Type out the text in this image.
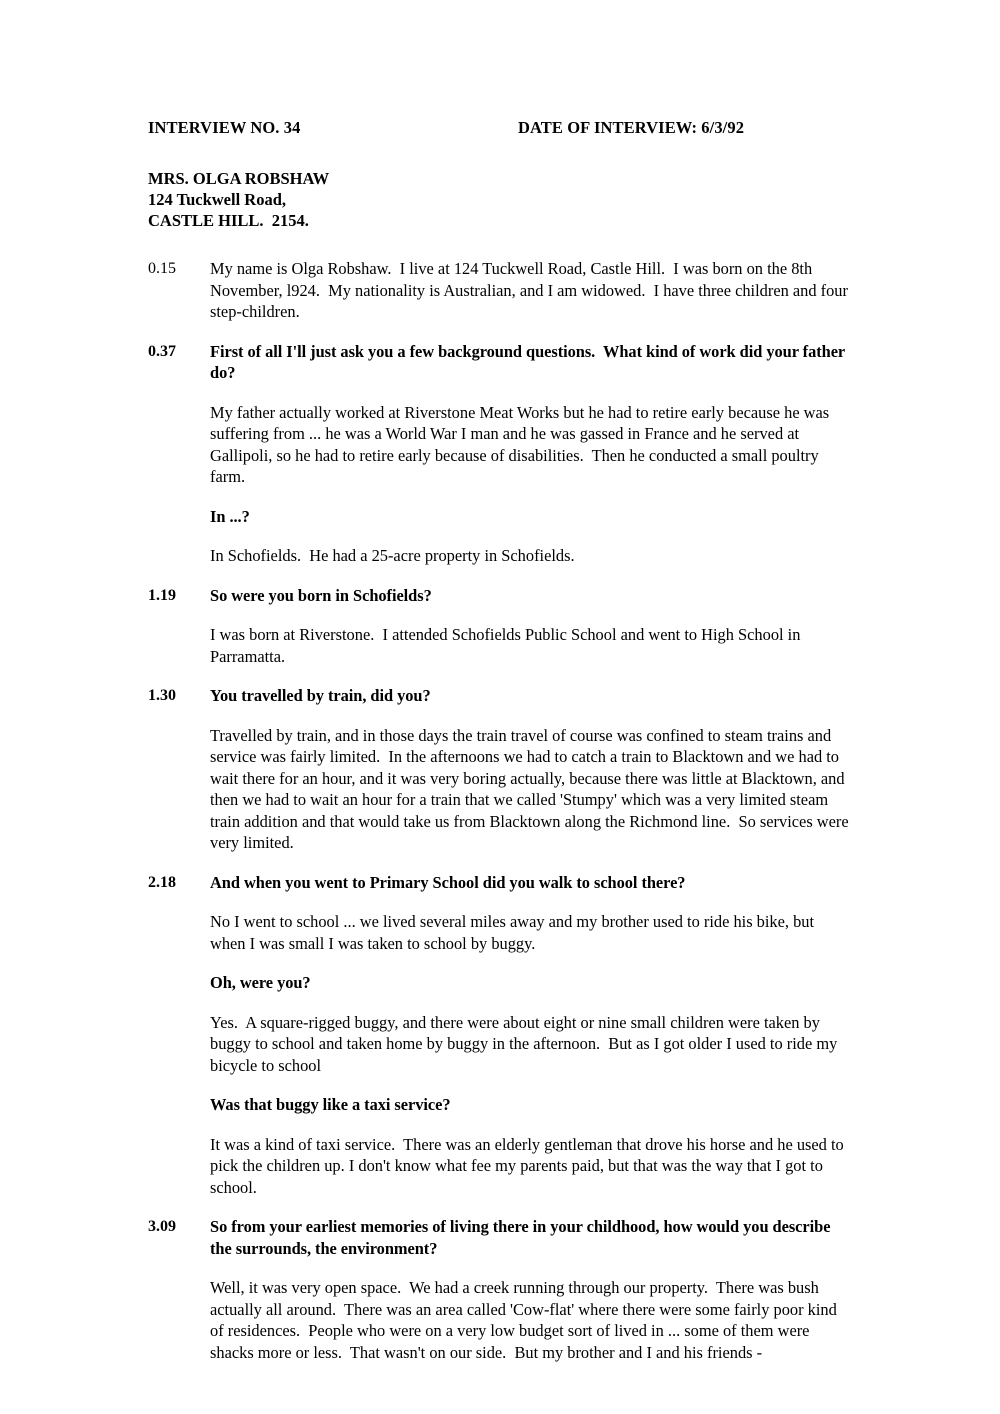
INTERVIEW NO. 34	DATE OF INTERVIEW: 6/3/92
MRS. OLGA ROBSHAW
124 Tuckwell Road,
CASTLE HILL.  2154.
0.15	My name is Olga Robshaw.  I live at 124 Tuckwell Road, Castle Hill.  I was born on the 8th November, l924.  My nationality is Australian, and I am widowed.  I have three children and four step-children.
0.37	First of all I'll just ask you a few background questions.  What kind of work did your father do?
My father actually worked at Riverstone Meat Works but he had to retire early because he was suffering from ... he was a World War I man and he was gassed in France and he served at Gallipoli, so he had to retire early because of disabilities.  Then he conducted a small poultry farm.
In ...?
In Schofields.  He had a 25-acre property in Schofields.
1.19	So were you born in Schofields?
I was born at Riverstone.  I attended Schofields Public School and went to High School in Parramatta.
1.30	You travelled by train, did you?
Travelled by train, and in those days the train travel of course was confined to steam trains and service was fairly limited.  In the afternoons we had to catch a train to Blacktown and we had to wait there for an hour, and it was very boring actually, because there was little at Blacktown, and then we had to wait an hour for a train that we called 'Stumpy' which was a very limited steam train addition and that would take us from Blacktown along the Richmond line.  So services were very limited.
2.18	And when you went to Primary School did you walk to school there?
No I went to school ... we lived several miles away and my brother used to ride his bike, but when I was small I was taken to school by buggy.
Oh, were you?
Yes.  A square-rigged buggy, and there were about eight or nine small children were taken by buggy to school and taken home by buggy in the afternoon.  But as I got older I used to ride my bicycle to school
Was that buggy like a taxi service?
It was a kind of taxi service.  There was an elderly gentleman that drove his horse and he used to pick the children up. I don't know what fee my parents paid, but that was the way that I got to school.
3.09	So from your earliest memories of living there in your childhood, how would you describe the surrounds, the environment?
Well, it was very open space.  We had a creek running through our property.  There was bush actually all around.  There was an area called 'Cow-flat' where there were some fairly poor kind of residences.  People who were on a very low budget sort of lived in ... some of them were shacks more or less.  That wasn't on our side.  But my brother and I and his friends -
